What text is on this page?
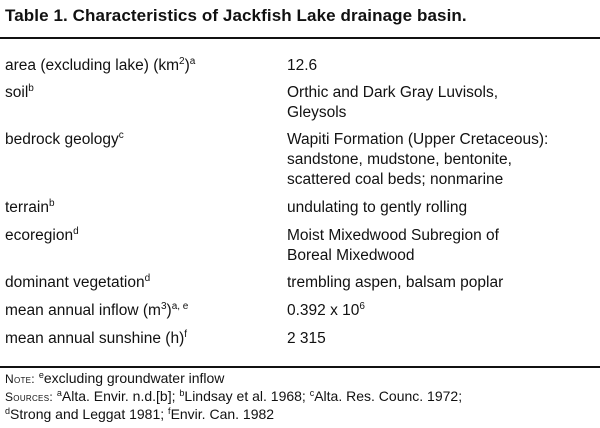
Table 1. Characteristics of Jackfish Lake drainage basin.
area (excluding lake) $(km^2)^a$	12.6
soil$^b$	Orthic and Dark Gray Luvisols,
Gleysols
bedrock geology$^c$	Wapiti Formation (Upper Cretaceous):
sandstone, mudstone, bentonite,
scattered coal beds; nonmarine
terrain$^b$	undulating to gently rolling
ecoregion$^d$	Moist Mixedwood Subregion of
Boreal Mixedwood
dominant vegetation$^d$	trembling aspen, balsam poplar
mean annual inflow $(m^3)^{a, e}$	0.392 x $10^6$
mean annual sunshine $(h)^f$	2 315
Note: $^e$excluding groundwater inflow
Sources: $^a$Alta. Envir. n.d.[b]; $^b$Lindsay et al. 1968; $^c$Alta. Res. Counc. 1972;
$^d$Strong and Leggat 1981; $^f$Envir. Can. 1982
